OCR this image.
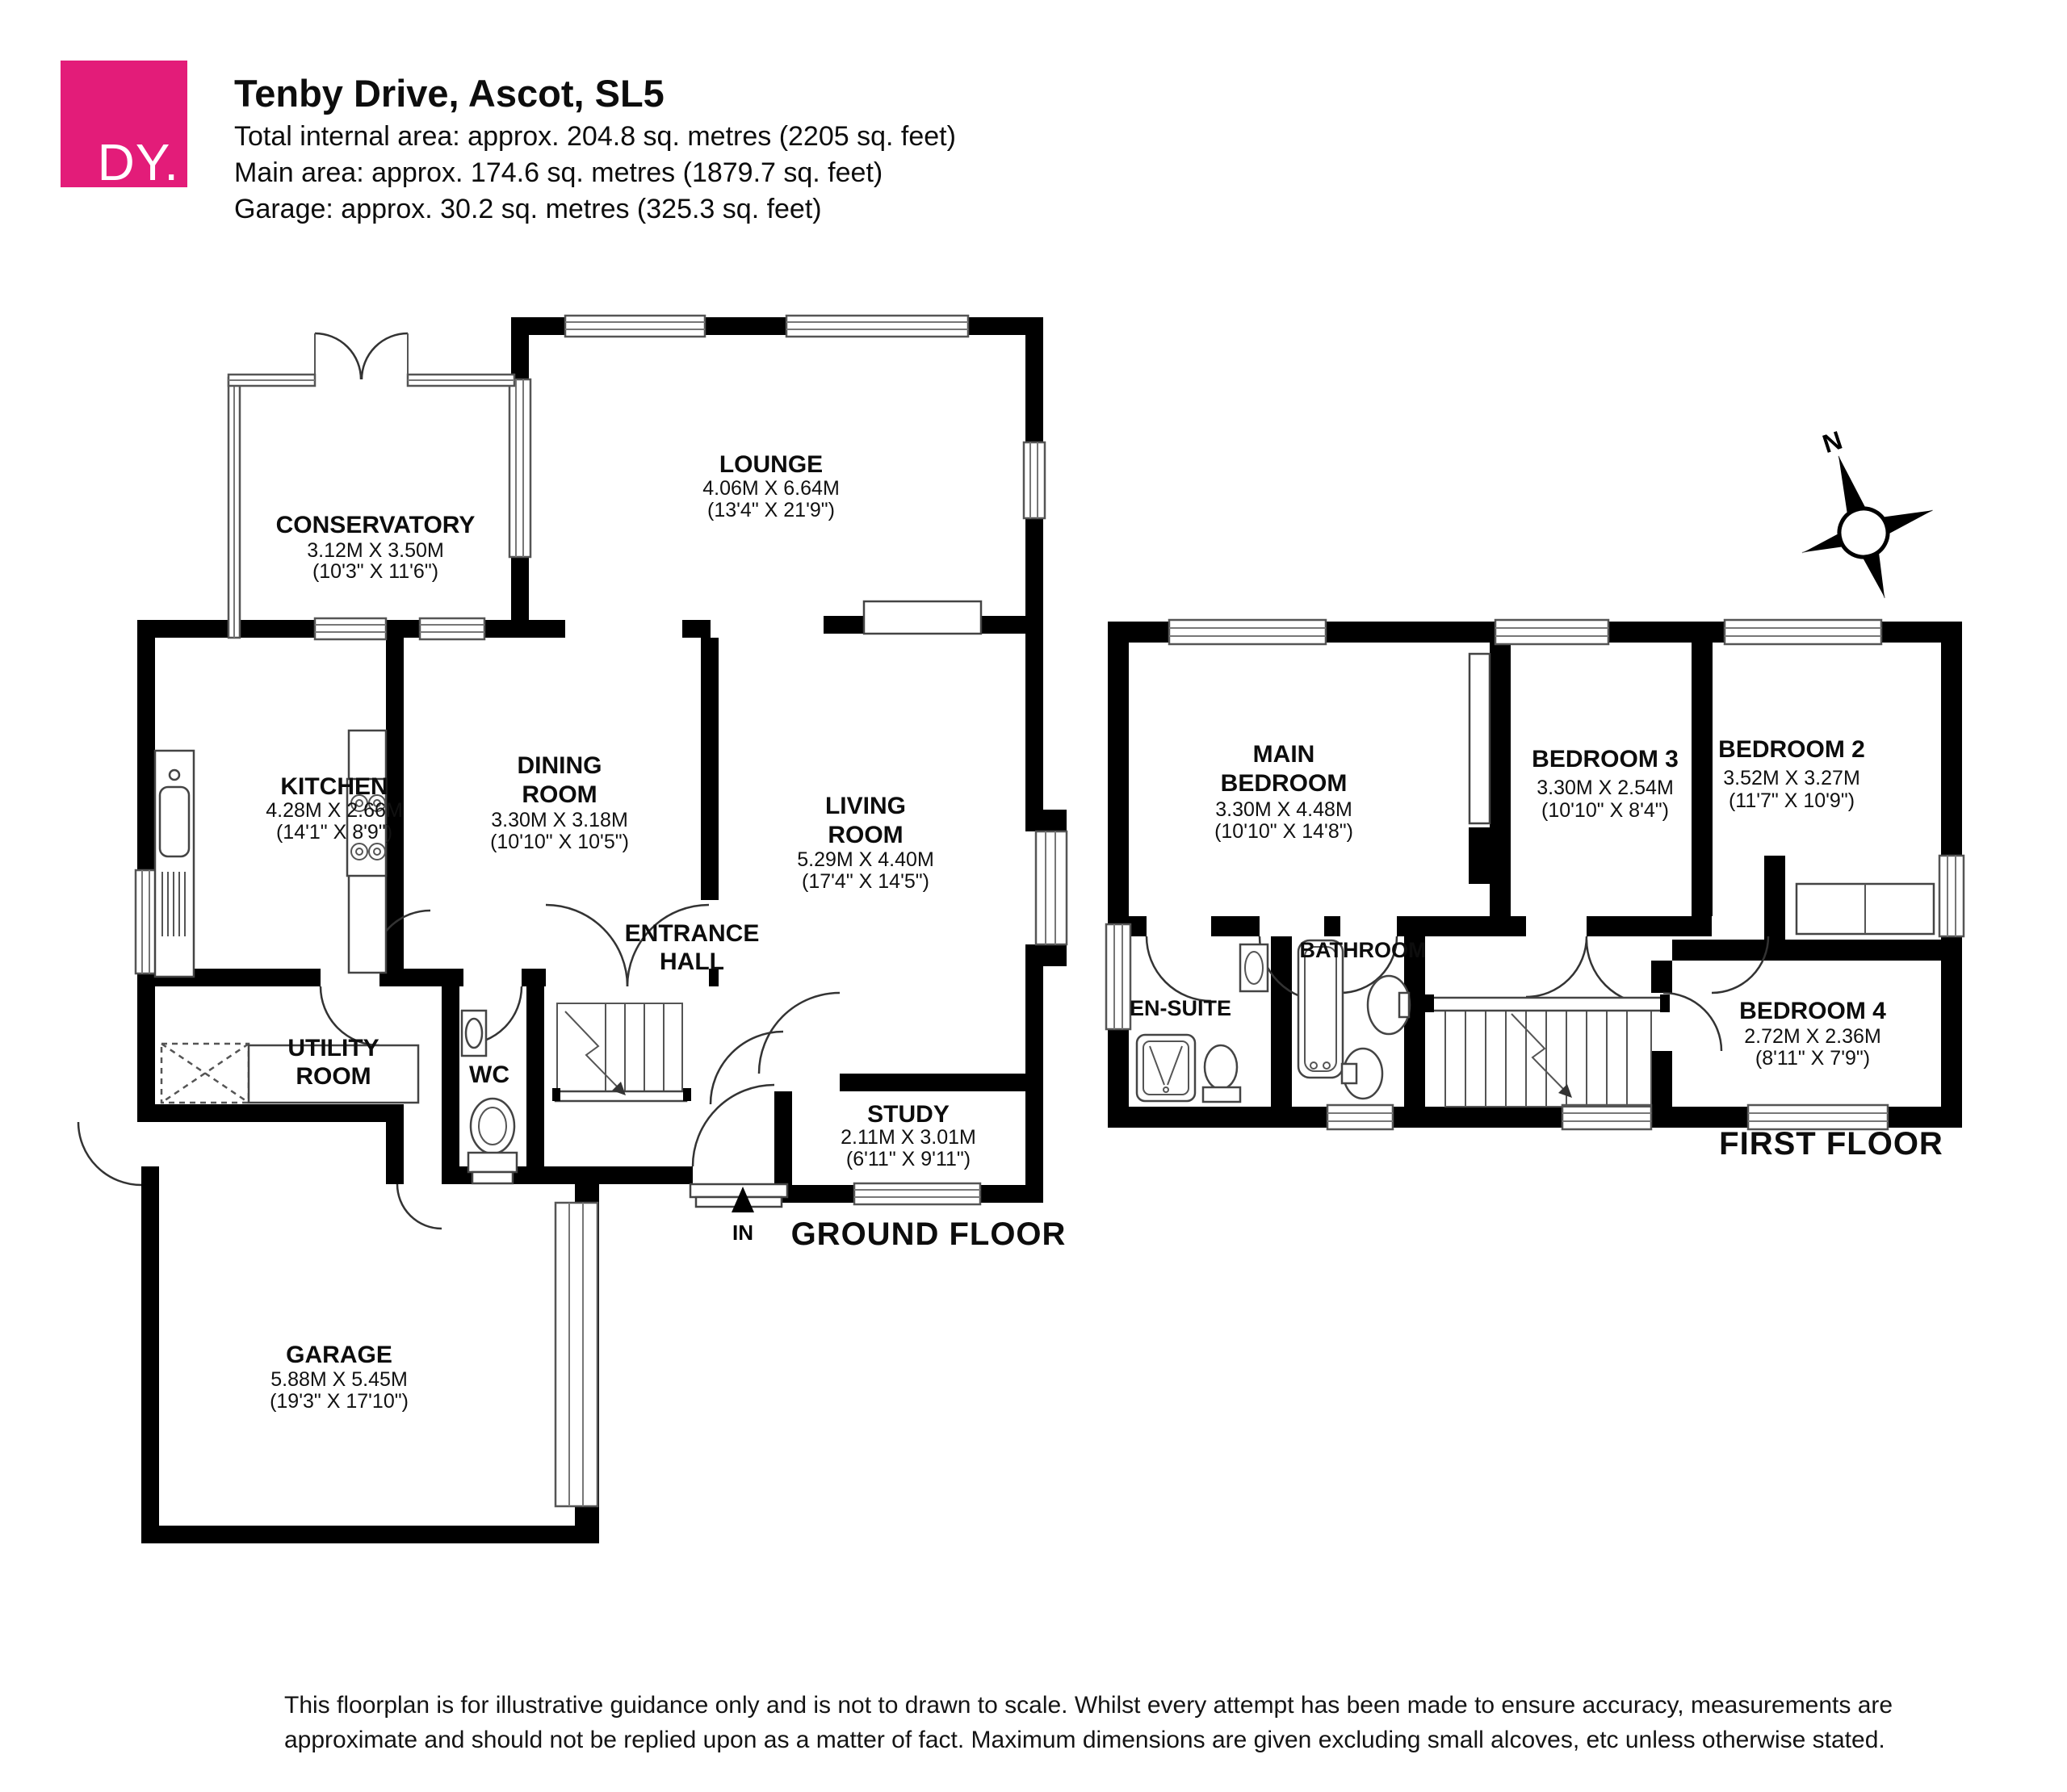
DY.
Tenby Drive, Ascot, SL5
Total internal area: approx. 204.8 sq. metres (2205 sq. feet)
Main area: approx. 174.6 sq. metres (1879.7 sq. feet)
Garage: approx. 30.2 sq. metres (325.3 sq. feet)
IN
CONSERVATORY
3.12M X 3.50M
(10'3" X 11'6")
LOUNGE
4.06M X 6.64M
(13'4" X 21'9")
KITCHEN
4.28M X 2.66M
(14'1" X 8'9")
DINING
ROOM
3.30M X 3.18M
(10'10" X 10'5")
LIVING
ROOM
5.29M X 4.40M
(17'4" X 14'5")
ENTRANCE
HALL
UTILITY
ROOM	WC
STUDY
2.11M X 3.01M
(6'11" X 9'11")
GARAGE
5.88M X 5.45M
(19'3" X 17'10")
GROUND FLOOR
MAIN
BEDROOM
3.30M X 4.48M
(10'10" X 14'8")
BEDROOM 3
3.30M X 2.54M
(10'10" X 8'4")
BEDROOM 2
3.52M X 3.27M
(11'7" X 10'9")
EN-SUITE
BATHROOM
BEDROOM 4
2.72M X 2.36M
(8'11" X 7'9")
FIRST FLOOR
N
This floorplan is for illustrative guidance only and is not to drawn to scale. Whilst every attempt has been made to ensure accuracy, measurements are
approximate and should not be replied upon as a matter of fact. Maximum dimensions are given excluding small alcoves, etc unless otherwise stated.
